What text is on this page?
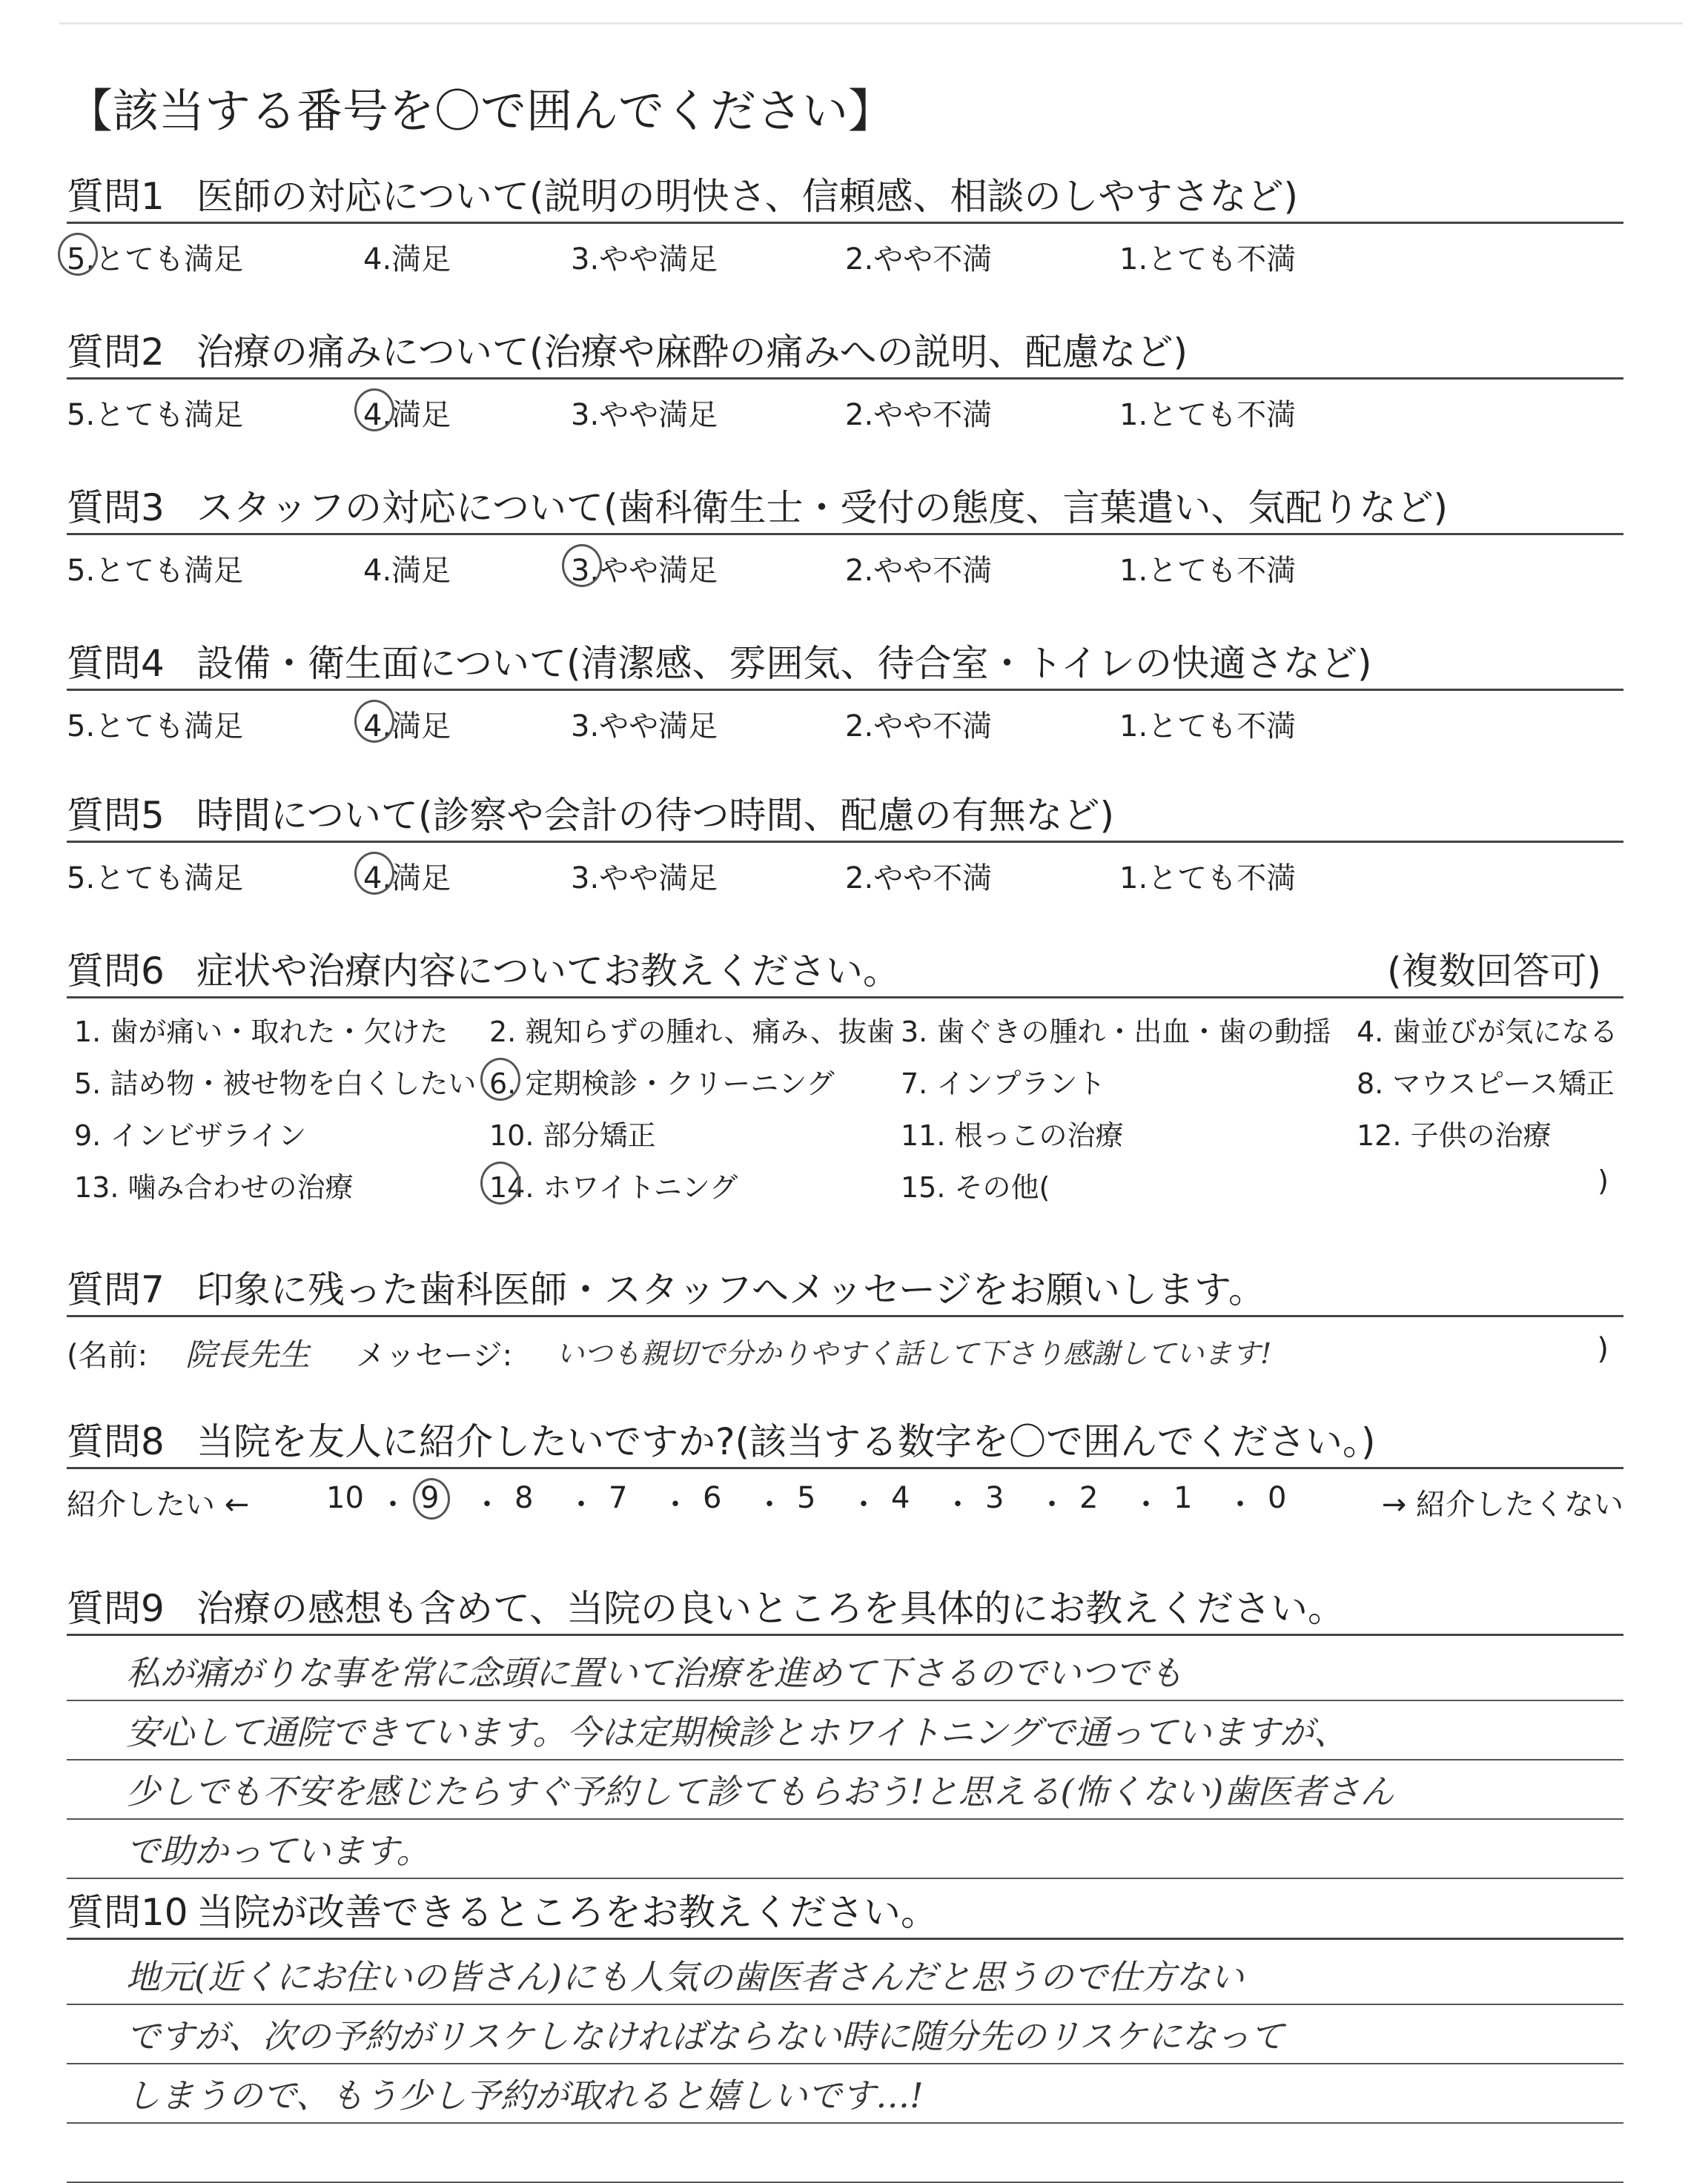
【該当する番号を〇で囲んでください】
質問1 医師の対応について(説明の明快さ、信頼感、相談のしやすさなど)
5.とても満足	4.満足	3.やや満足	2.やや不満	1.とても不満
質問2 治療の痛みについて(治療や麻酔の痛みへの説明、配慮など)
5.とても満足	4.満足	3.やや満足	2.やや不満	1.とても不満
質問3 スタッフの対応について(歯科衛生士・受付の態度、言葉遣い、気配りなど)
5.とても満足	4.満足	3.やや満足	2.やや不満	1.とても不満
質問4 設備・衛生面について(清潔感、雰囲気、待合室・トイレの快適さなど)
5.とても満足	4.満足	3.やや満足	2.やや不満	1.とても不満
質問5 時間について(診察や会計の待つ時間、配慮の有無など)
5.とても満足	4.満足	3.やや満足	2.やや不満	1.とても不満
質問6 症状や治療内容についてお教えください。	(複数回答可)
1. 歯が痛い・取れた・欠けた 2. 親知らずの腫れ、痛み、抜歯 3. 歯ぐきの腫れ・出血・歯の動揺 4. 歯並びが気になる
5. 詰め物・被せ物を白くしたい 6. 定期検診・クリーニング 7. インプラント	8. マウスピース矯正
9. インビザライン	10. 部分矯正	11. 根っこの治療	12. 子供の治療
13. 噛み合わせの治療	14. ホワイトニング	15. その他(	)
質問7 印象に残った歯科医師・スタッフへメッセージをお願いします。
(名前: 院長先生 メッセージ: いつも親切で分かりやすく話して下さり感謝しています!	)
質問8 当院を友人に紹介したいですか?(該当する数字を〇で囲んでください。)
紹介したい ←	→ 紹介したくない
10 ・ 9 ・ 8 ・ 7 ・ 6 ・ 5 ・ 4 ・ 3 ・ 2 ・ 1 ・ 0
質問9 治療の感想も含めて、当院の良いところを具体的にお教えください。
私が痛がりな事を常に念頭に置いて治療を進めて下さるのでいつでも
安心して通院できています。今は定期検診とホワイトニングで通っていますが、
少しでも不安を感じたらすぐ予約して診てもらおう!と思える(怖くない)歯医者さん
で助かっています。
質問10 当院が改善できるところをお教えください。
地元(近くにお住いの皆さん)にも人気の歯医者さんだと思うので仕方ない
ですが、次の予約がリスケしなければならない時に随分先のリスケになって
しまうので、もう少し予約が取れると嬉しいです…!
